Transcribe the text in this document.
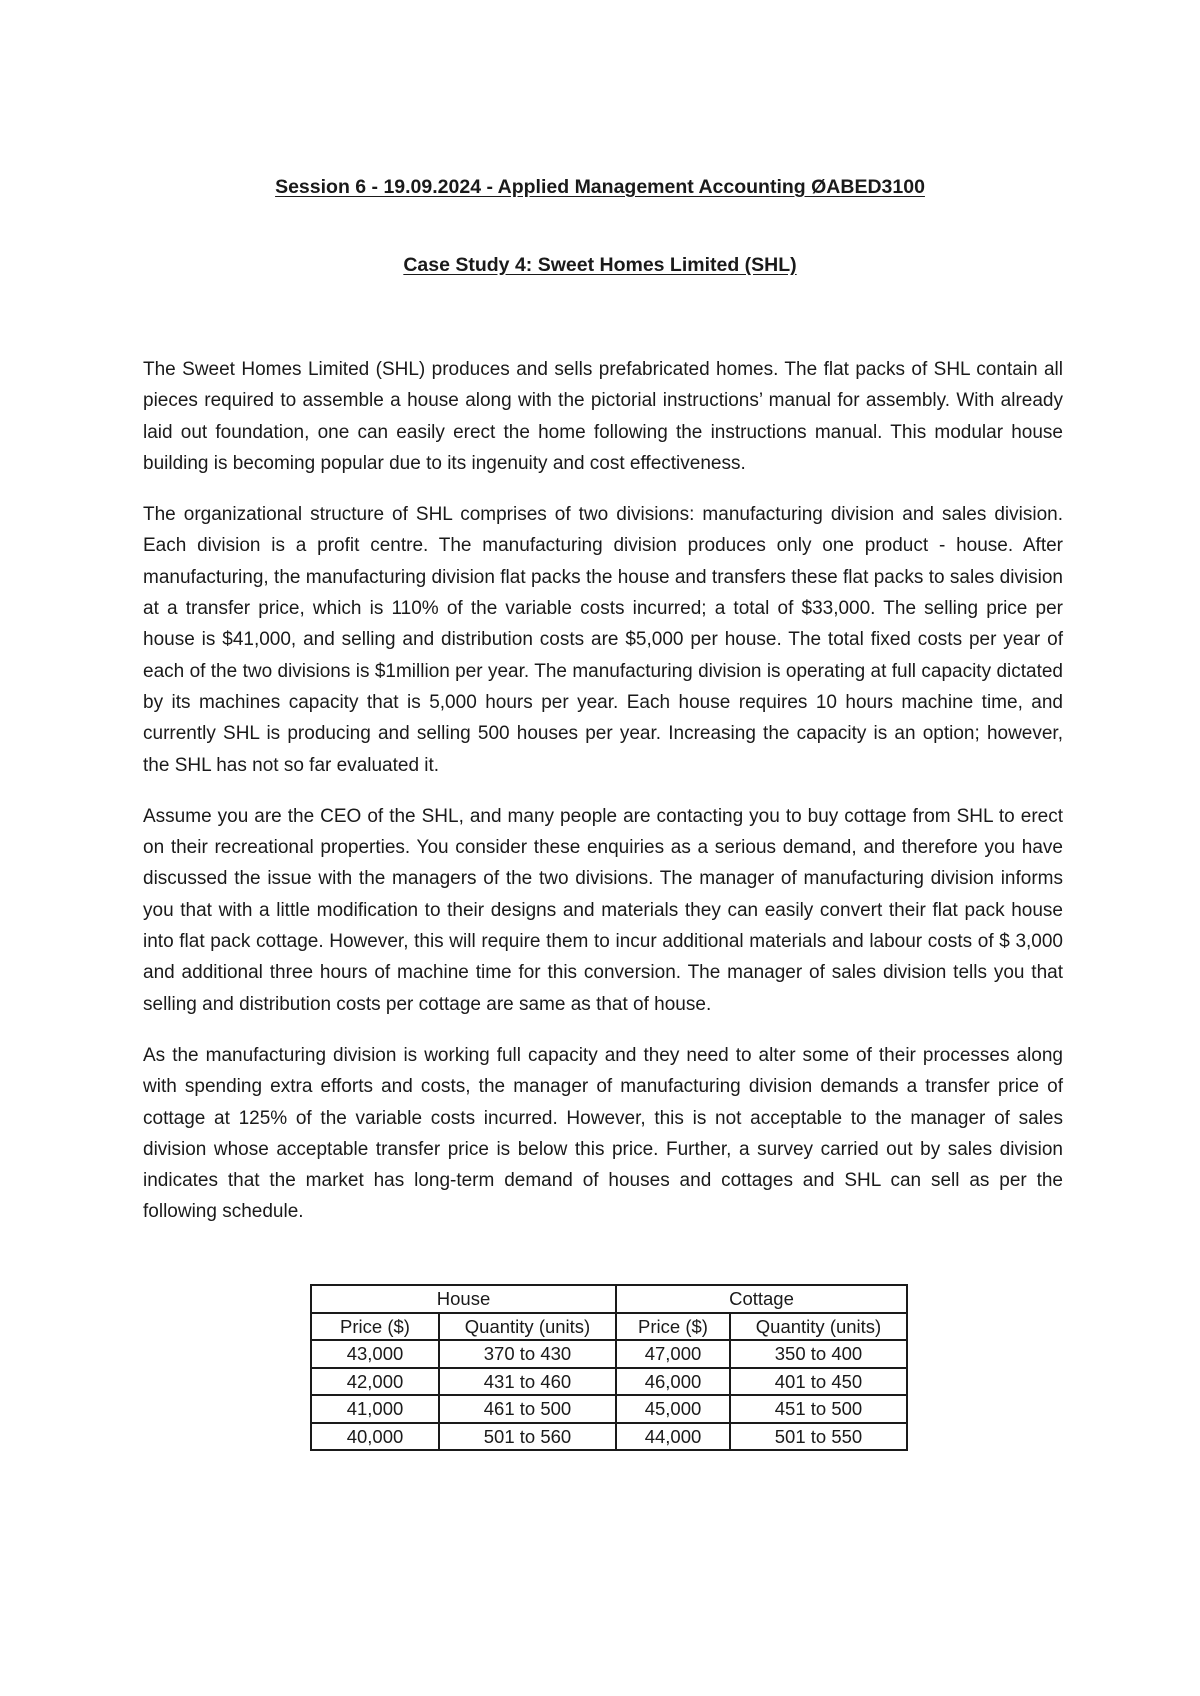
Session 6 - 19.09.2024 - Applied Management Accounting ØABED3100
Case Study 4: Sweet Homes Limited (SHL)

The Sweet Homes Limited (SHL) produces and sells prefabricated homes. The flat packs of SHL contain all pieces required to assemble a house along with the pictorial instructions’ manual for assembly. With already laid out foundation, one can easily erect the home following the instructions manual. This modular house building is becoming popular due to its ingenuity and cost effectiveness.

The organizational structure of SHL comprises of two divisions: manufacturing division and sales division. Each division is a profit centre. The manufacturing division produces only one product - house. After manufacturing, the manufacturing division flat packs the house and transfers these flat packs to sales division at a transfer price, which is 110% of the variable costs incurred; a total of $33,000. The selling price per house is $41,000, and selling and distribution costs are $5,000 per house. The total fixed costs per year of each of the two divisions is $1million per year. The manufacturing division is operating at full capacity dictated by its machines capacity that is 5,000 hours per year. Each house requires 10 hours machine time, and currently SHL is producing and selling 500 houses per year. Increasing the capacity is an option; however, the SHL has not so far evaluated it.

Assume you are the CEO of the SHL, and many people are contacting you to buy cottage from SHL to erect on their recreational properties. You consider these enquiries as a serious demand, and therefore you have discussed the issue with the managers of the two divisions. The manager of manufacturing division informs you that with a little modification to their designs and materials they can easily convert their flat pack house into flat pack cottage. However, this will require them to incur additional materials and labour costs of $ 3,000 and additional three hours of machine time for this conversion. The manager of sales division tells you that selling and distribution costs per cottage are same as that of house.

As the manufacturing division is working full capacity and they need to alter some of their processes along with spending extra efforts and costs, the manager of manufacturing division demands a transfer price of cottage at 125% of the variable costs incurred. However, this is not acceptable to the manager of sales division whose acceptable transfer price is below this price. Further, a survey carried out by sales division indicates that the market has long-term demand of houses and cottages and SHL can sell as per the following schedule.

House		Cottage	
Price ($)	Quantity (units)	Price ($)	Quantity (units)
43,000	370 to 430	47,000	350 to 400
42,000	431 to 460	46,000	401 to 450
41,000	461 to 500	45,000	451 to 500
40,000	501 to 560	44,000	501 to 550
